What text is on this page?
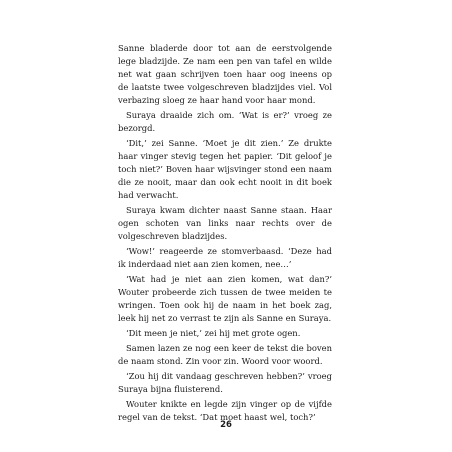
Sanne bladerde door tot aan de eerstvolgende lege bladzijde. Ze nam een pen van tafel en wilde net wat gaan schrijven toen haar oog ineens op de laatste twee volgeschreven bladzijdes viel. Vol verbazing sloeg ze haar hand voor haar mond.

Suraya draaide zich om. ‘Wat is er?’ vroeg ze bezorgd.

‘Dit,’ zei Sanne. ‘Moet je dit zien.’ Ze drukte haar vinger stevig tegen het papier. ‘Dit geloof je toch niet?’ Boven haar wijsvinger stond een naam die ze nooit, maar dan ook echt nooit in dit boek had verwacht.

Suraya kwam dichter naast Sanne staan. Haar ogen schoten van links naar rechts over de volgeschreven bladzijdes.

‘Wow!’ reageerde ze stomverbaasd. ‘Deze had ik inderdaad niet aan zien komen, nee…’

‘Wat had je niet aan zien komen, wat dan?’ Wouter probeerde zich tussen de twee meiden te wringen. Toen ook hij de naam in het boek zag, leek hij net zo verrast te zijn als Sanne en Suraya.

‘Dit meen je niet,’ zei hij met grote ogen.

Samen lazen ze nog een keer de tekst die boven de naam stond. Zin voor zin. Woord voor woord.

‘Zou hij dit vandaag geschreven hebben?’ vroeg Suraya bijna fluisterend.

Wouter knikte en legde zijn vinger op de vijfde regel van de tekst. ‘Dat moet haast wel, toch?’

26
